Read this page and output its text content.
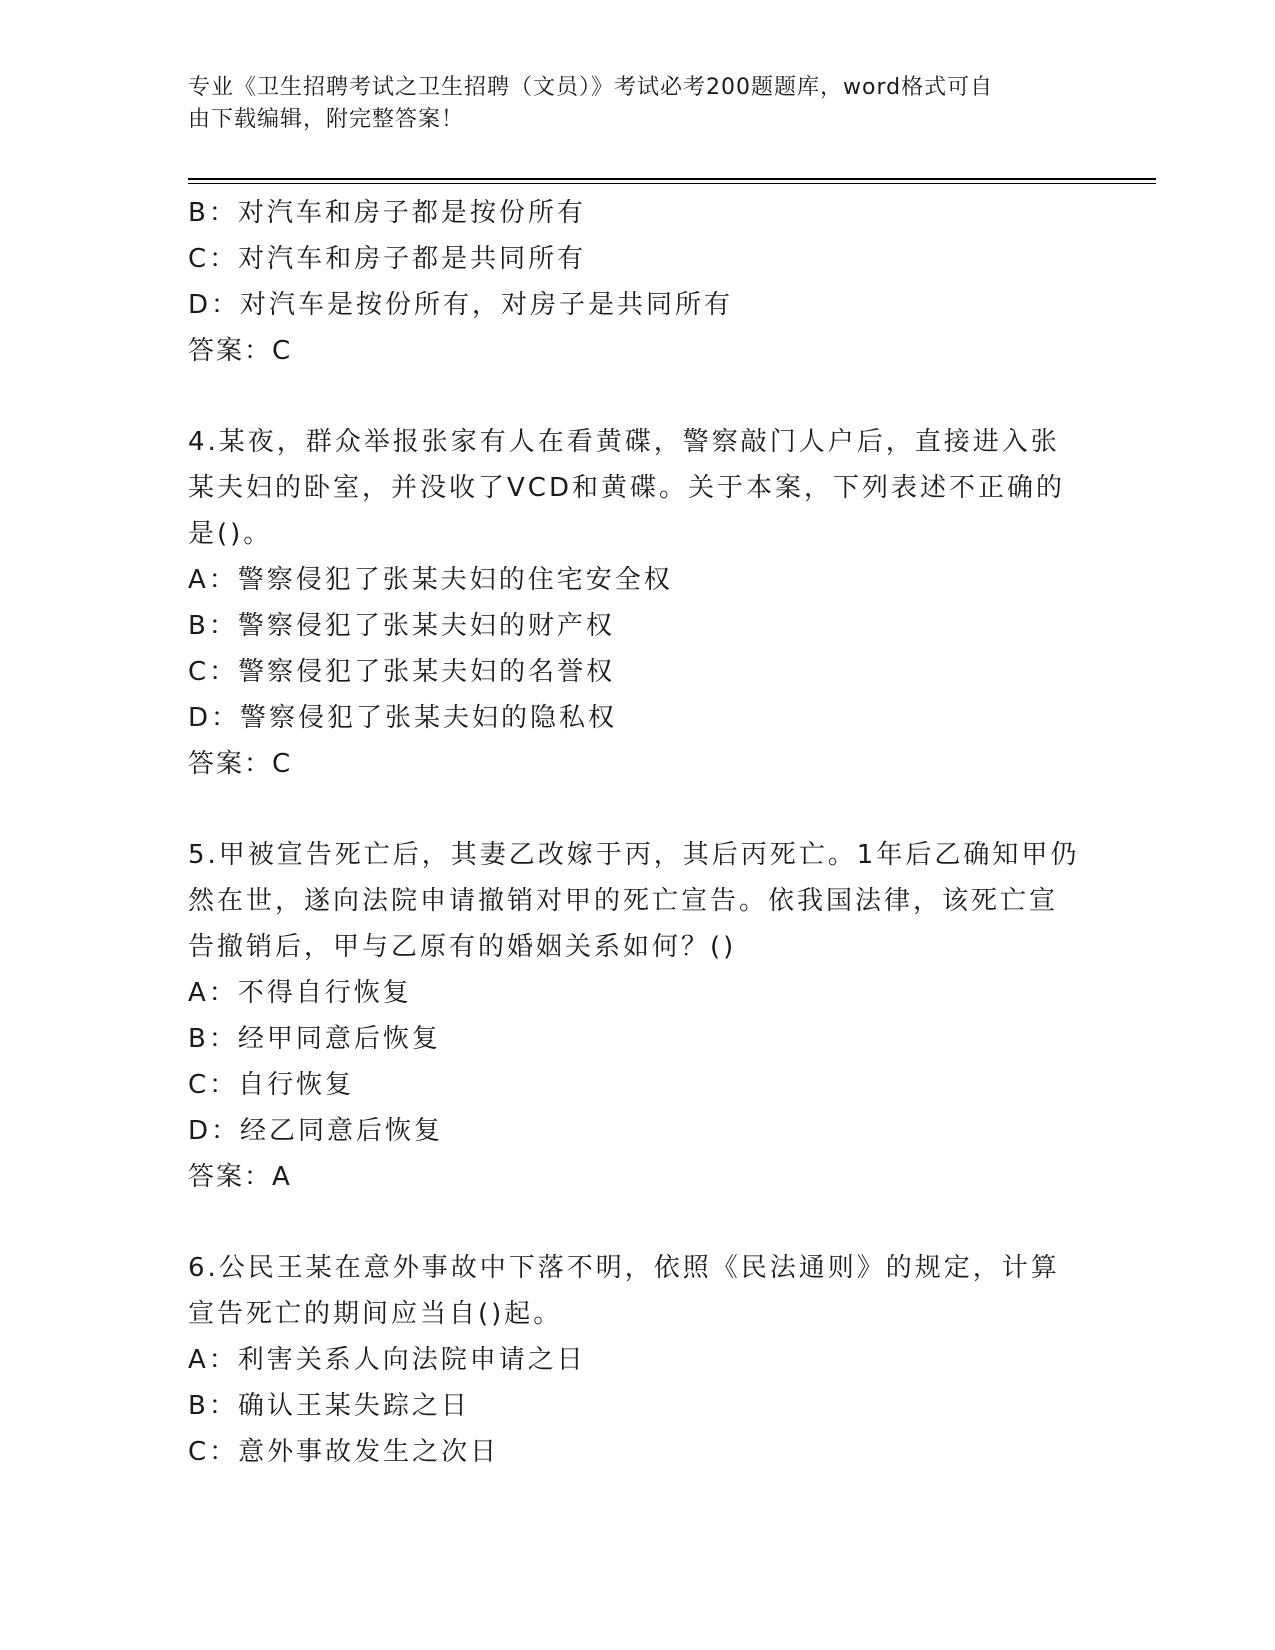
专业《卫生招聘考试之卫生招聘（文员）》考试必考200题题库，word格式可自
由下载编辑，附完整答案！
B：对汽车和房子都是按份所有
C：对汽车和房子都是共同所有
D：对汽车是按份所有，对房子是共同所有
答案：C
4.某夜，群众举报张家有人在看黄碟，警察敲门人户后，直接进入张
某夫妇的卧室，并没收了VCD和黄碟。关于本案，下列表述不正确的
是()。
A：警察侵犯了张某夫妇的住宅安全权
B：警察侵犯了张某夫妇的财产权
C：警察侵犯了张某夫妇的名誉权
D：警察侵犯了张某夫妇的隐私权
答案：C
5.甲被宣告死亡后，其妻乙改嫁于丙，其后丙死亡。1年后乙确知甲仍
然在世，遂向法院申请撤销对甲的死亡宣告。依我国法律，该死亡宣
告撤销后，甲与乙原有的婚姻关系如何？()
A：不得自行恢复
B：经甲同意后恢复
C：自行恢复
D：经乙同意后恢复
答案：A
6.公民王某在意外事故中下落不明，依照《民法通则》的规定，计算
宣告死亡的期间应当自()起。
A：利害关系人向法院申请之日
B：确认王某失踪之日
C：意外事故发生之次日
